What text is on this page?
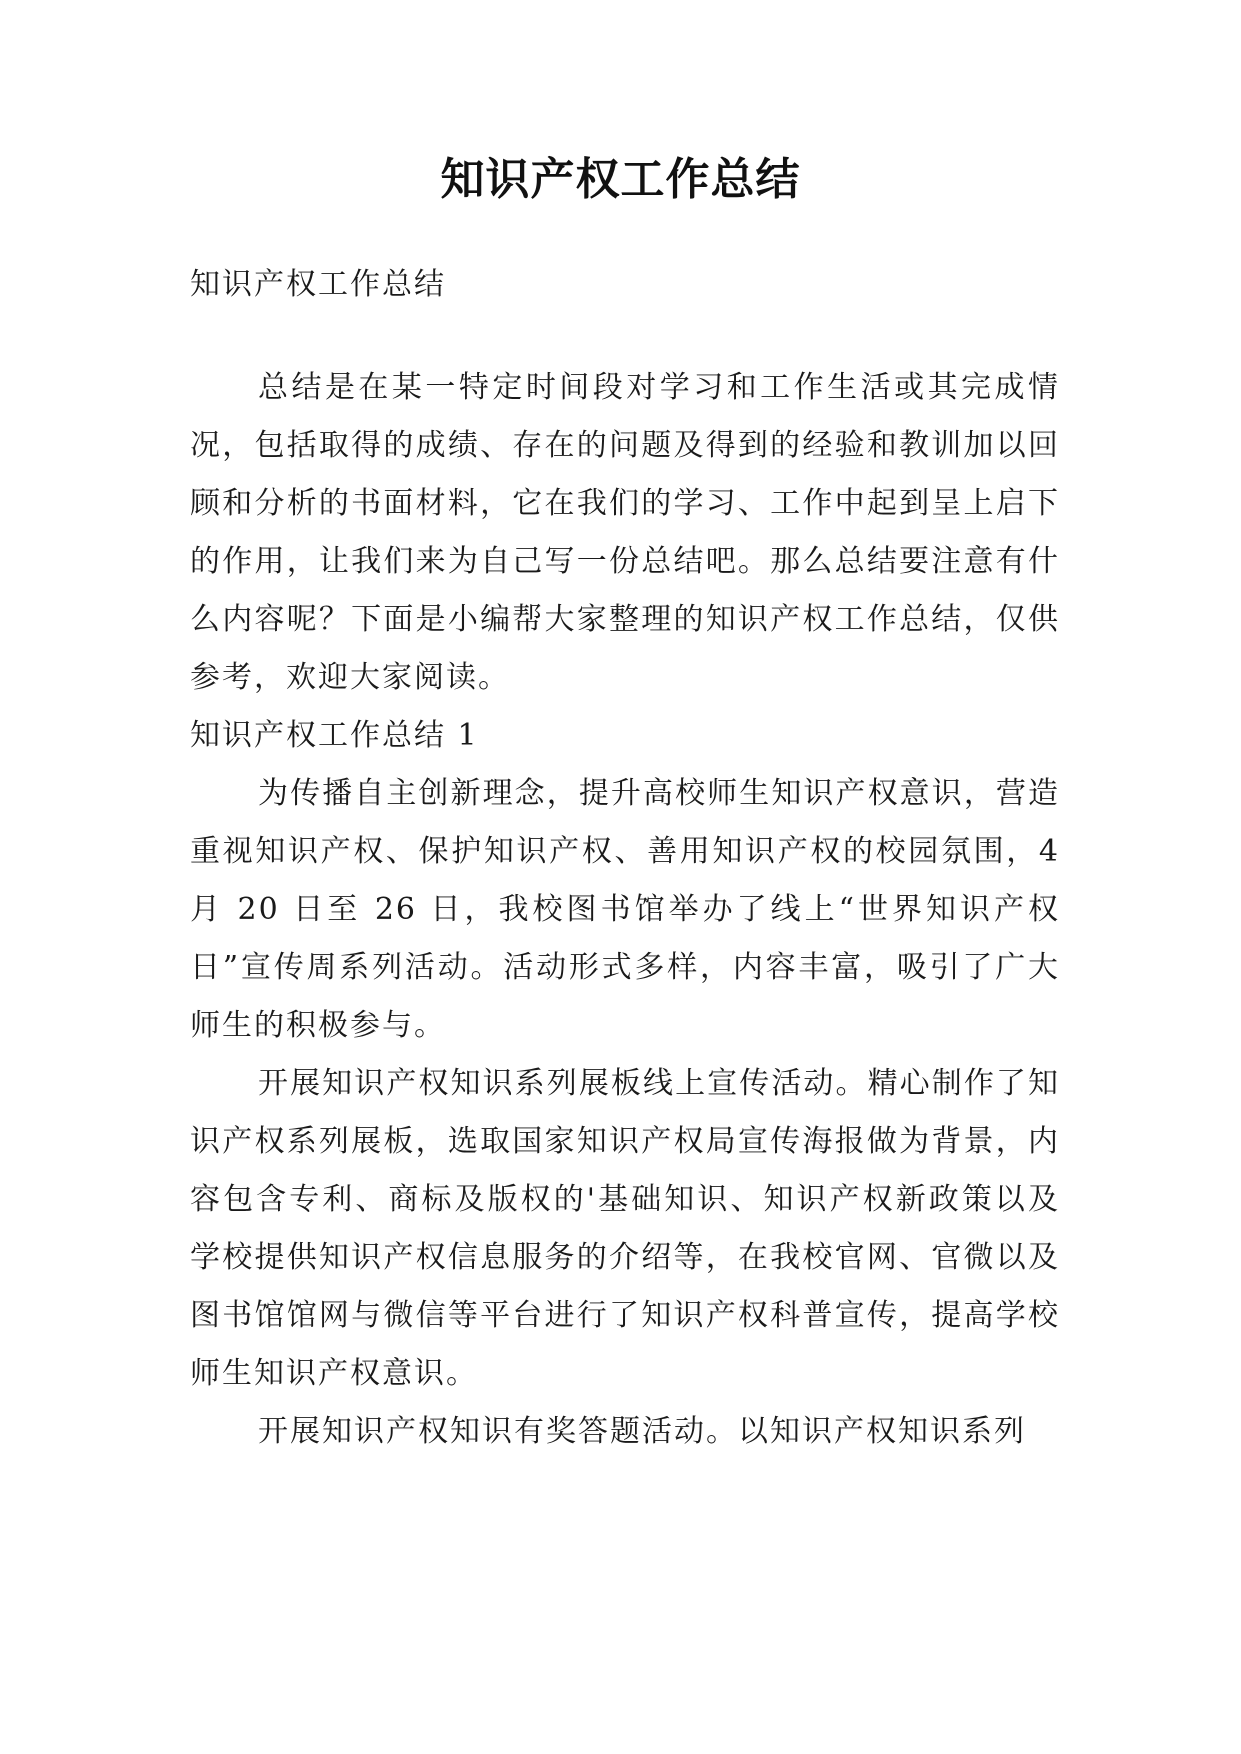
知识产权工作总结
知识产权工作总结
总结是在某一特定时间段对学习和工作生活或其完成情况，包括取得的成绩、存在的问题及得到的经验和教训加以回顾和分析的书面材料，它在我们的学习、工作中起到呈上启下的作用，让我们来为自己写一份总结吧。那么总结要注意有什么内容呢？下面是小编帮大家整理的知识产权工作总结，仅供参考，欢迎大家阅读。
知识产权工作总结 1
为传播自主创新理念，提升高校师生知识产权意识，营造重视知识产权、保护知识产权、善用知识产权的校园氛围，4 月 20 日至 26 日，我校图书馆举办了线上“世界知识产权日”宣传周系列活动。活动形式多样，内容丰富，吸引了广大师生的积极参与。
开展知识产权知识系列展板线上宣传活动。精心制作了知识产权系列展板，选取国家知识产权局宣传海报做为背景，内容包含专利、商标及版权的'基础知识、知识产权新政策以及学校提供知识产权信息服务的介绍等，在我校官网、官微以及图书馆馆网与微信等平台进行了知识产权科普宣传，提高学校师生知识产权意识。
开展知识产权知识有奖答题活动。以知识产权知识系列
